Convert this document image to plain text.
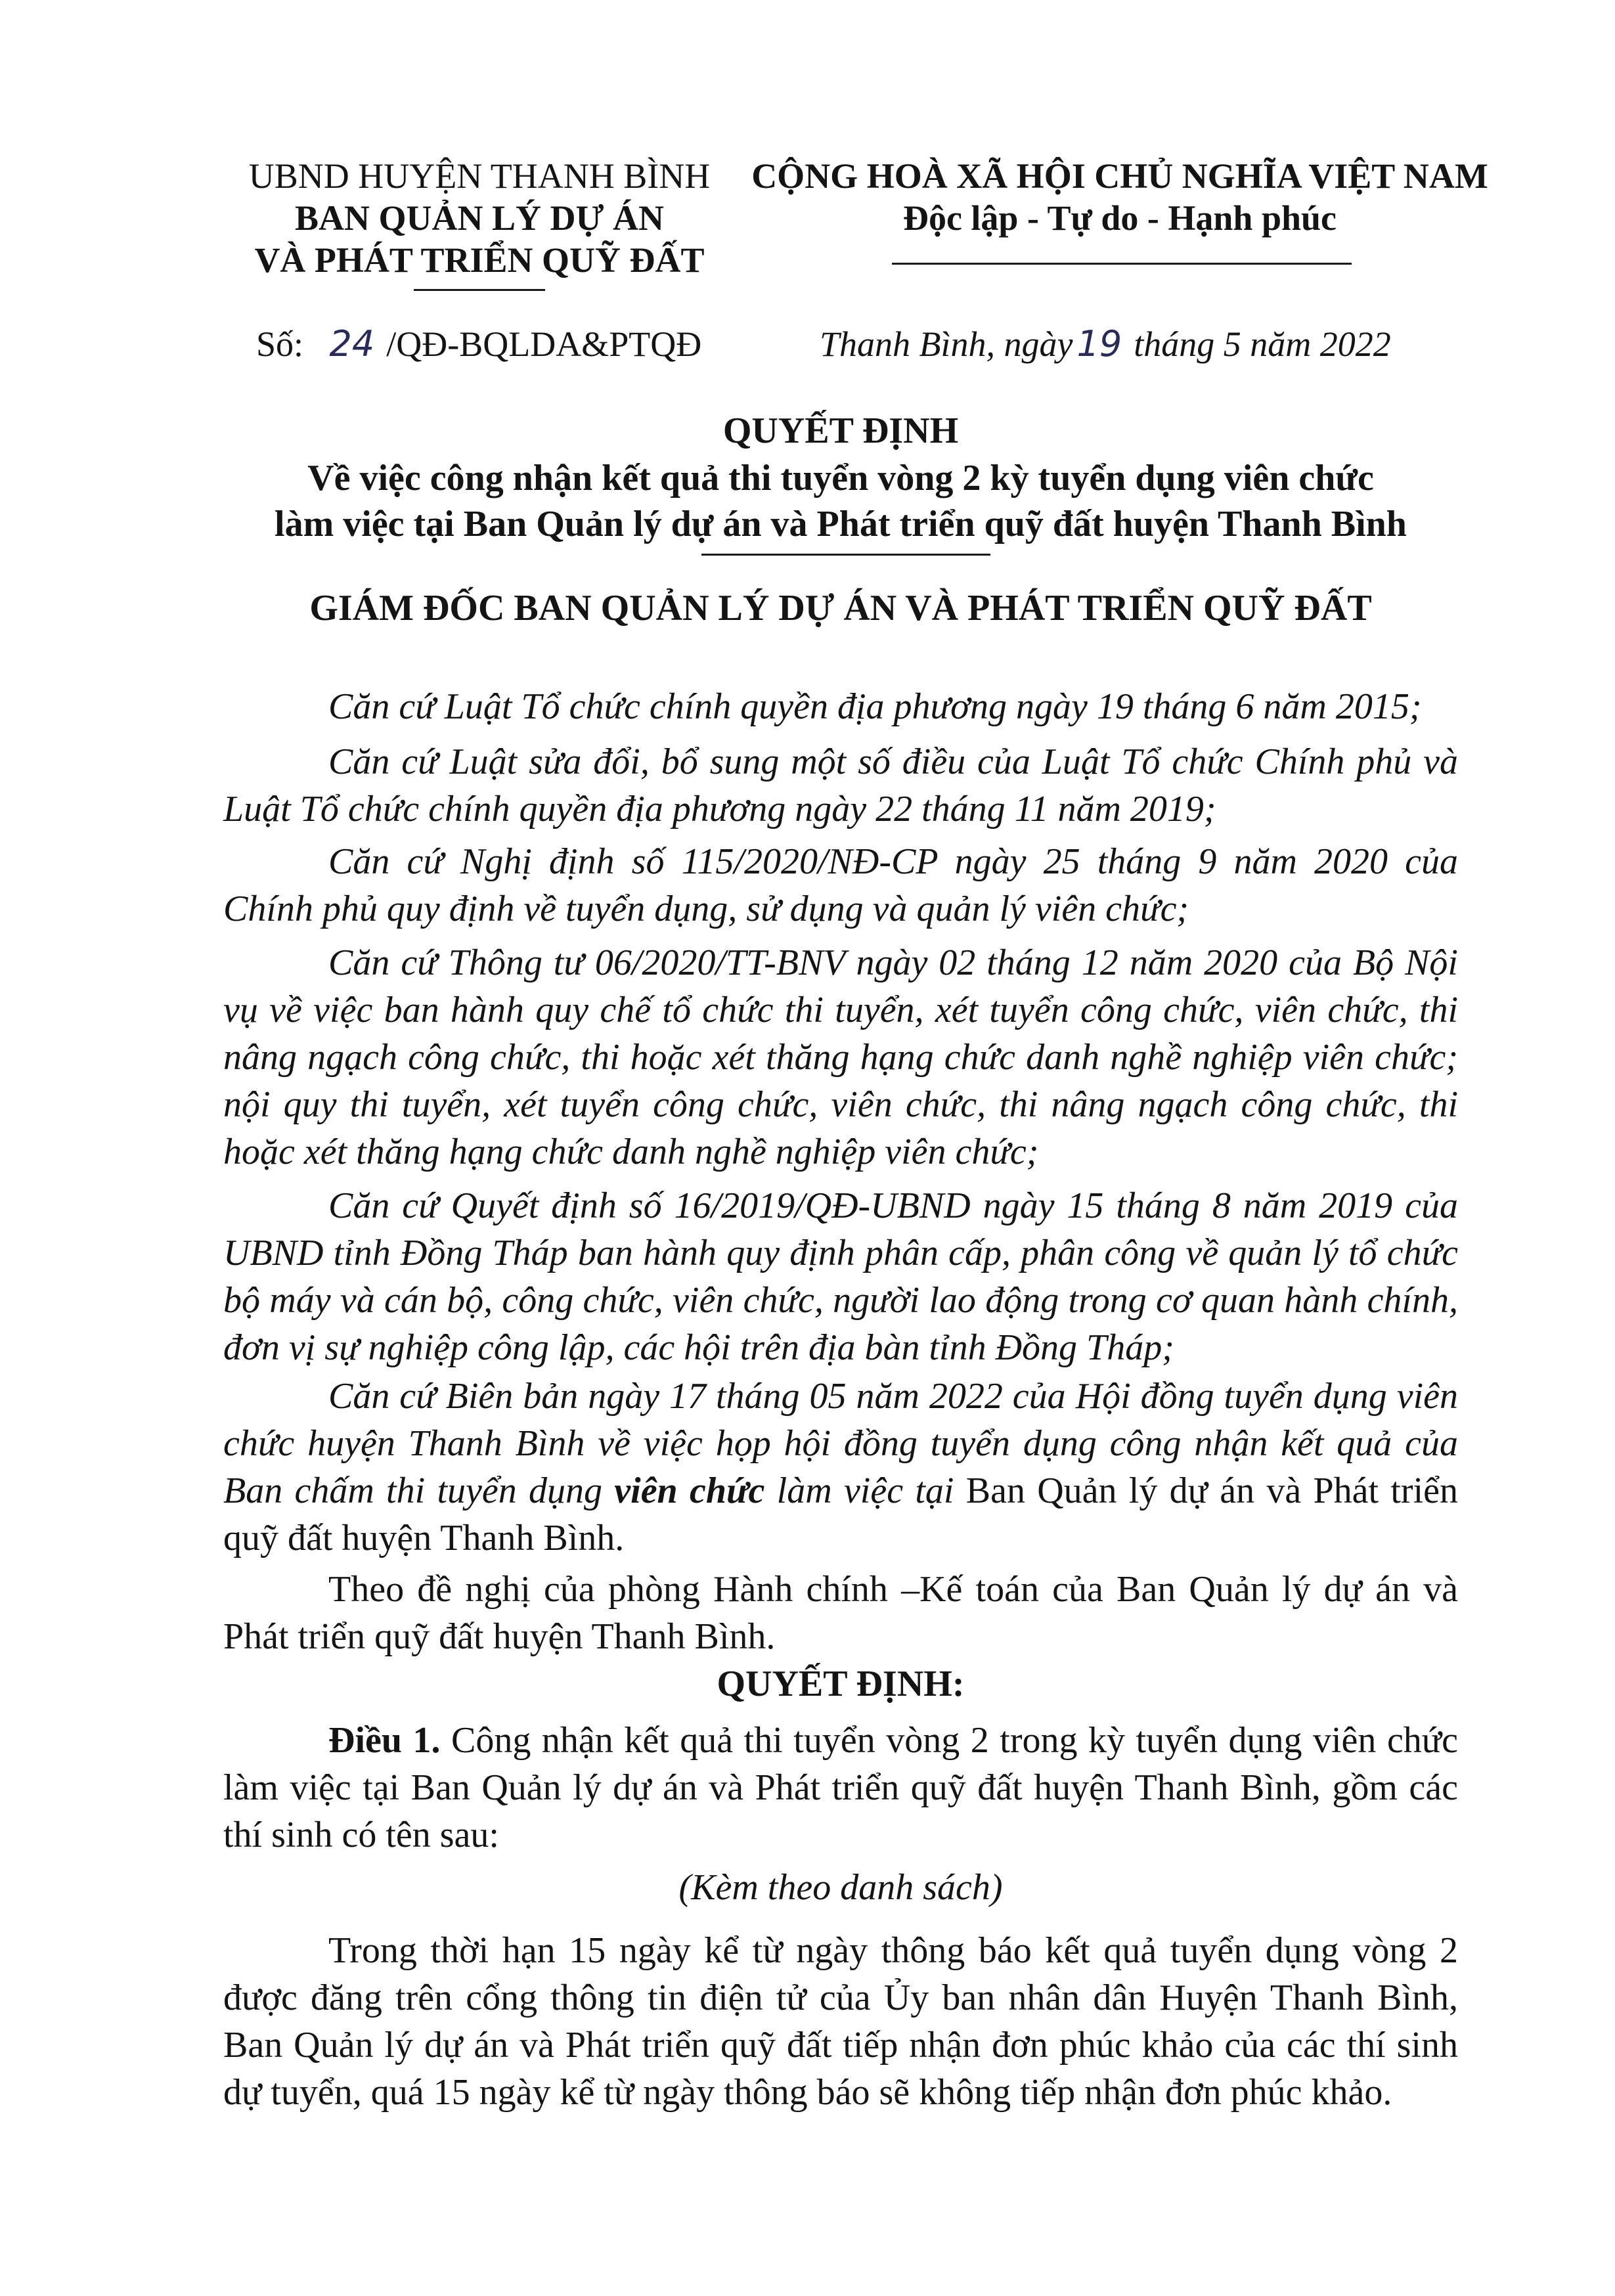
UBND HUYỆN THANH BÌNH
BAN QUẢN LÝ DỰ ÁN
VÀ PHÁT TRIỂN QUỸ ĐẤT
CỘNG HOÀ XÃ HỘI CHỦ NGHĨA VIỆT NAM
Độc lập - Tự do - Hạnh phúc
Số: 24 /QĐ-BQLDA&PTQĐ	Thanh Bình, ngày 19 tháng 5 năm 2022
QUYẾT ĐỊNH
Về việc công nhận kết quả thi tuyển vòng 2 kỳ tuyển dụng viên chức
làm việc tại Ban Quản lý dự án và Phát triển quỹ đất huyện Thanh Bình
GIÁM ĐỐC BAN QUẢN LÝ DỰ ÁN VÀ PHÁT TRIỂN QUỸ ĐẤT

Căn cứ Luật Tổ chức chính quyền địa phương ngày 19 tháng 6 năm 2015;

Căn cứ Luật sửa đổi, bổ sung một số điều của Luật Tổ chức Chính phủ và Luật Tổ chức chính quyền địa phương ngày 22 tháng 11 năm 2019;

Căn cứ Nghị định số 115/2020/NĐ-CP ngày 25 tháng 9 năm 2020 của Chính phủ quy định về tuyển dụng, sử dụng và quản lý viên chức;

Căn cứ Thông tư 06/2020/TT-BNV ngày 02 tháng 12 năm 2020 của Bộ Nội vụ về việc ban hành quy chế tổ chức thi tuyển, xét tuyển công chức, viên chức, thi nâng ngạch công chức, thi hoặc xét thăng hạng chức danh nghề nghiệp viên chức; nội quy thi tuyển, xét tuyển công chức, viên chức, thi nâng ngạch công chức, thi hoặc xét thăng hạng chức danh nghề nghiệp viên chức;

Căn cứ Quyết định số 16/2019/QĐ-UBND ngày 15 tháng 8 năm 2019 của UBND tỉnh Đồng Tháp ban hành quy định phân cấp, phân công về quản lý tổ chức bộ máy và cán bộ, công chức, viên chức, người lao động trong cơ quan hành chính, đơn vị sự nghiệp công lập, các hội trên địa bàn tỉnh Đồng Tháp;

Căn cứ Biên bản ngày 17 tháng 05 năm 2022 của Hội đồng tuyển dụng viên chức huyện Thanh Bình về việc họp hội đồng tuyển dụng công nhận kết quả của Ban chấm thi tuyển dụng viên chức làm việc tại Ban Quản lý dự án và Phát triển quỹ đất huyện Thanh Bình.

Theo đề nghị của phòng Hành chính –Kế toán của Ban Quản lý dự án và Phát triển quỹ đất huyện Thanh Bình.

QUYẾT ĐỊNH:

Điều 1. Công nhận kết quả thi tuyển vòng 2 trong kỳ tuyển dụng viên chức làm việc tại Ban Quản lý dự án và Phát triển quỹ đất huyện Thanh Bình, gồm các thí sinh có tên sau:

(Kèm theo danh sách)

Trong thời hạn 15 ngày kể từ ngày thông báo kết quả tuyển dụng vòng 2 được đăng trên cổng thông tin điện tử của Ủy ban nhân dân Huyện Thanh Bình, Ban Quản lý dự án và Phát triển quỹ đất tiếp nhận đơn phúc khảo của các thí sinh dự tuyển, quá 15 ngày kể từ ngày thông báo sẽ không tiếp nhận đơn phúc khảo.
